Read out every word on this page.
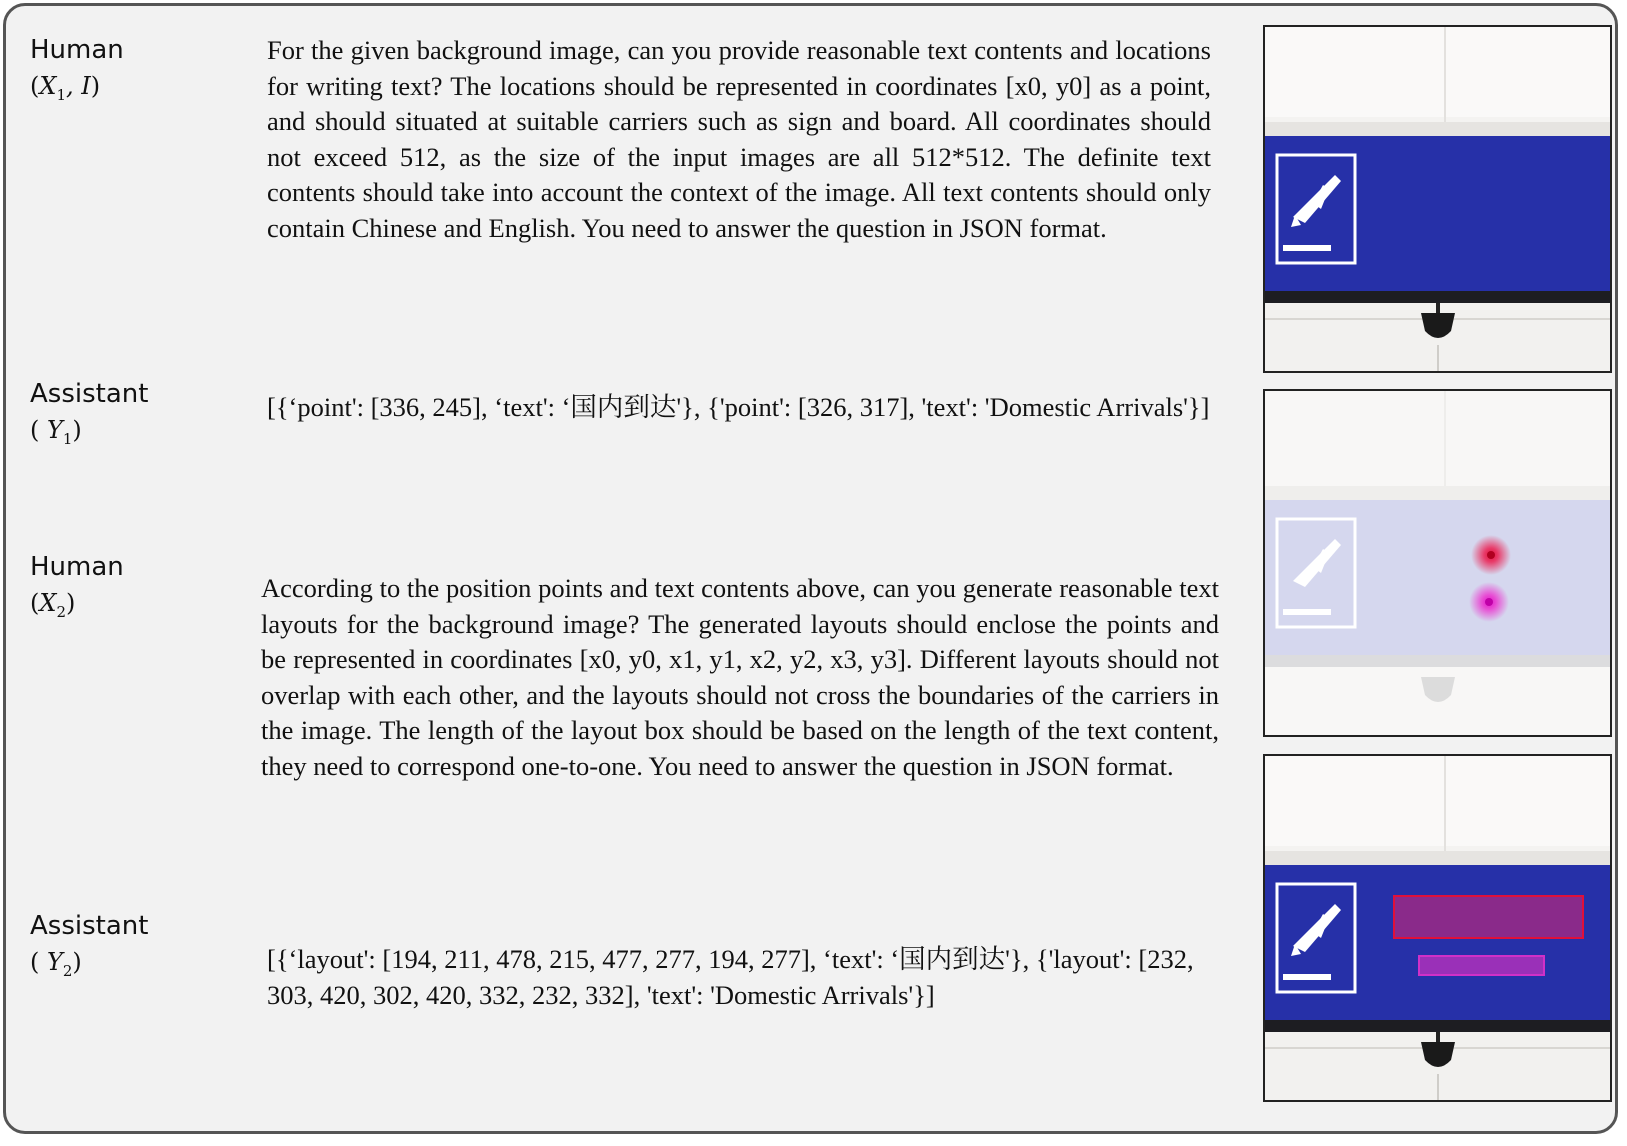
Human
($X_1$, I)

For the given background image, can you provide reasonable text contents and locations for writing text? The locations should be represented in coordinates [x0, y0] as a point, and should situated at suitable carriers such as sign and board. All coordinates should not exceed 512, as the size of the input images are all 512*512. The definite text contents should take into account the context of the image. All text contents should only contain Chinese and English. You need to answer the question in JSON format.

Assistant
( $Y_1$)

[{‘point': [336, 245], ‘text': ‘国内到达'}, {'point': [326, 317], 'text': 'Domestic Arrivals'}]

Human
$(X_2)$	According to the position points and text contents above, can you generate reasonable text layouts for the background image? The generated layouts should enclose the points and be represented in coordinates [x0, y0, x1, y1, x2, y2, x3, y3]. Different layouts should not overlap with each other, and the layouts should not cross the boundaries of the carriers in the image. The length of the layout box should be based on the length of the text content, they need to correspond one-to-one. You need to answer the question in JSON format.

Assistant
( $Y_2$)	[{‘layout': [194, 211, 478, 215, 477, 277, 194, 277], ‘text': ‘国内到达'}, {'layout': [232, 303, 420, 302, 420, 332, 232, 332], 'text': 'Domestic Arrivals'}]
